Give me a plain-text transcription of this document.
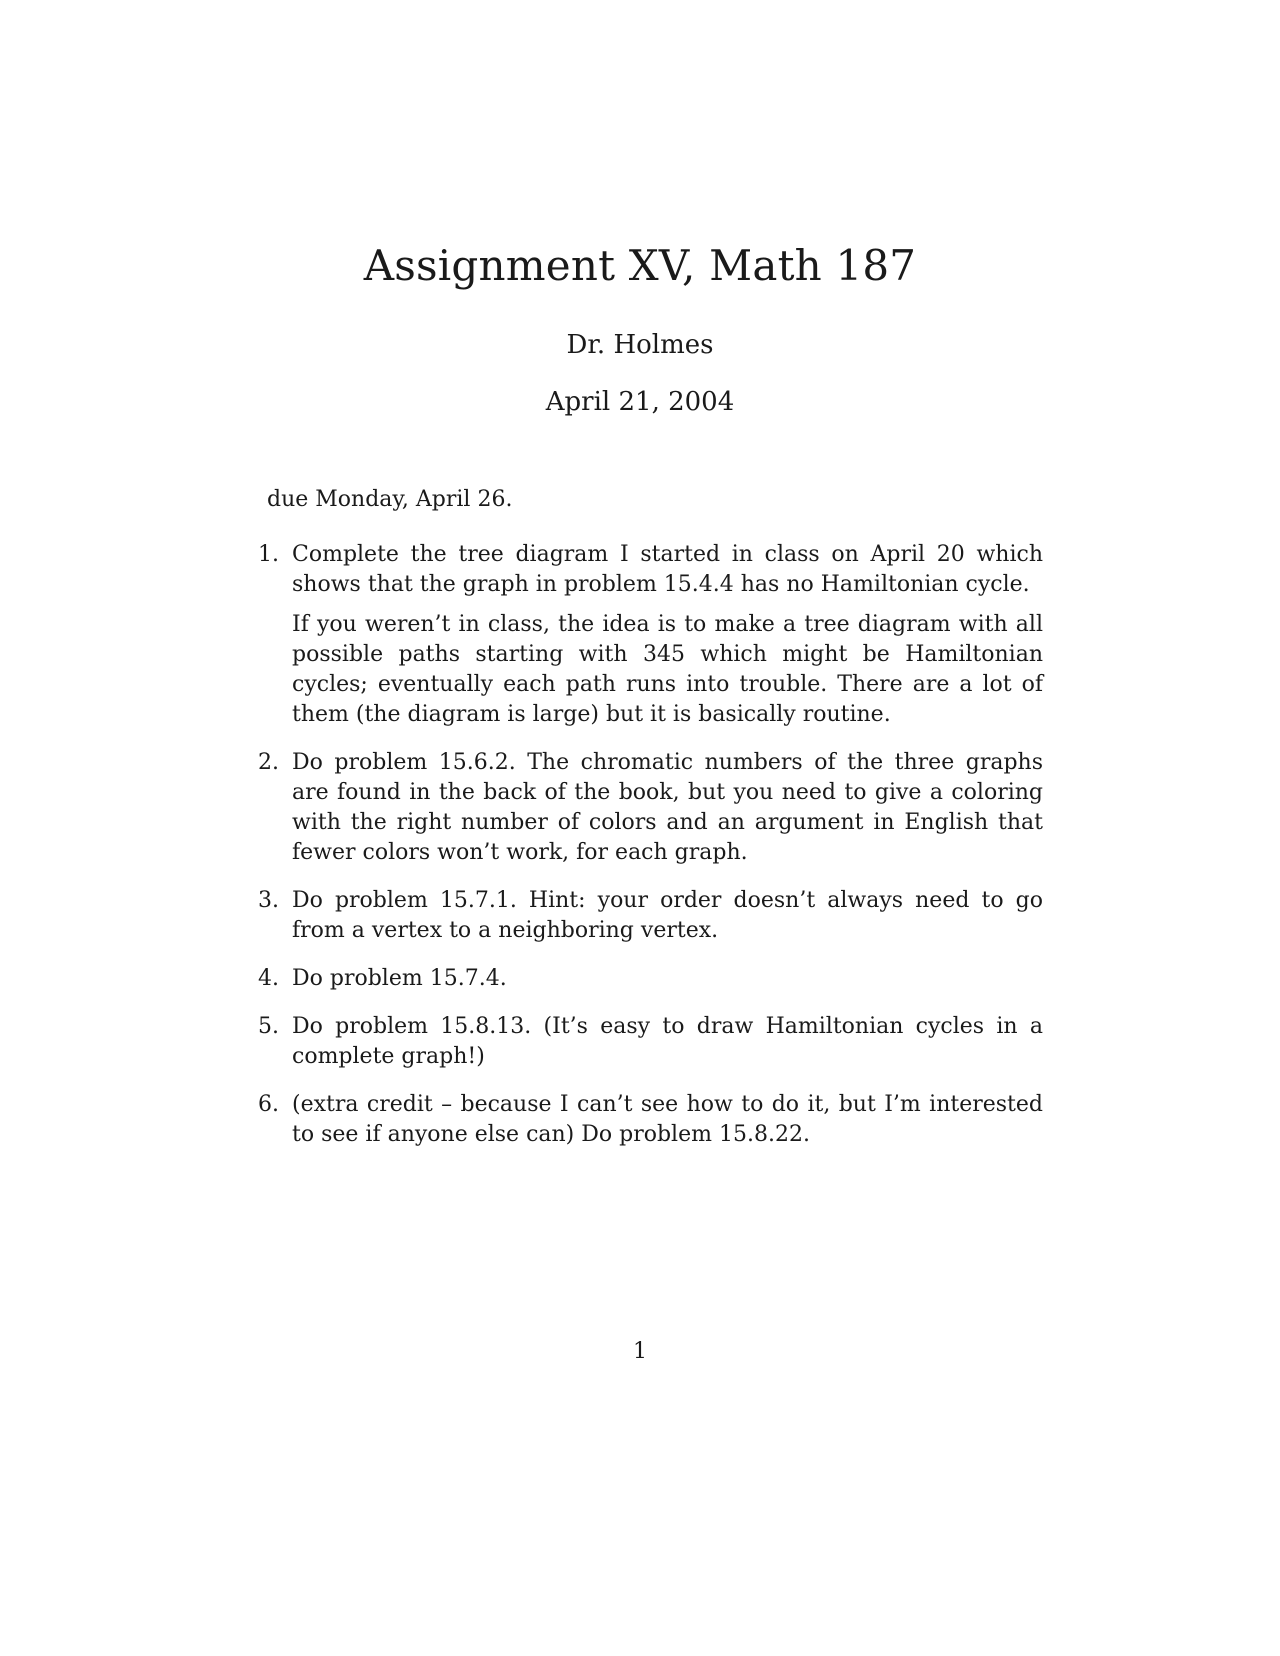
Assignment XV, Math 187
Dr. Holmes
April 21, 2004
due Monday, April 26.
1. Complete the tree diagram I started in class on April 20 which shows that the graph in problem 15.4.4 has no Hamiltonian cycle.

If you weren’t in class, the idea is to make a tree diagram with all possible paths starting with 345 which might be Hamiltonian cycles; eventually each path runs into trouble. There are a lot of them (the diagram is large) but it is basically routine.

2. Do problem 15.6.2. The chromatic numbers of the three graphs are found in the back of the book, but you need to give a coloring with the right number of colors and an argument in English that fewer colors won’t work, for each graph.

3. Do problem 15.7.1. Hint: your order doesn’t always need to go from a vertex to a neighboring vertex.

4. Do problem 15.7.4.

5. Do problem 15.8.13. (It’s easy to draw Hamiltonian cycles in a complete graph!)

6. (extra credit – because I can’t see how to do it, but I’m interested to see if anyone else can) Do problem 15.8.22.

1
